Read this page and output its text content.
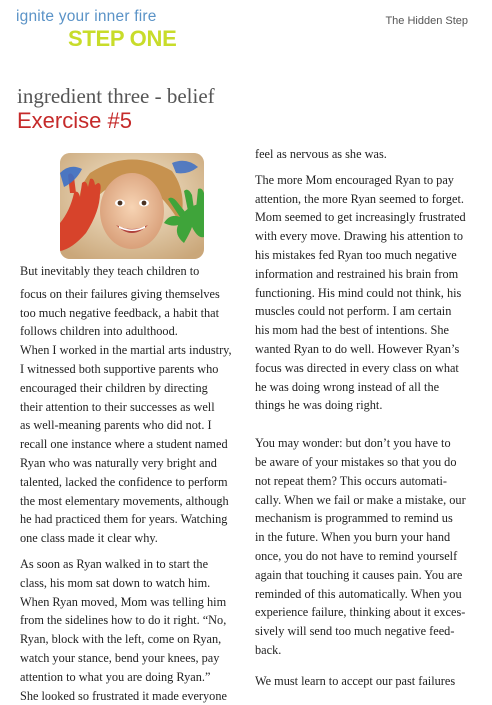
ignite your inner fire
STEP ONE
The Hidden Step
ingredient three - belief
Exercise #5

But inevitably they teach children to

focus on their failures giving themselves

too much negative feedback, a habit that

follows children into adulthood.

When I worked in the martial arts industry,

I witnessed both supportive parents who

encouraged their children by directing

their attention to their successes as well

as well-meaning parents who did not. I

recall one instance where a student named

Ryan who was naturally very bright and

talented, lacked the confidence to perform

the most elementary movements, although

he had practiced them for years. Watching

one class made it clear why.

As soon as Ryan walked in to start the

class, his mom sat down to watch him.

When Ryan moved, Mom was telling him

from the sidelines how to do it right. “No,

Ryan, block with the left, come on Ryan,

watch your stance, bend your knees, pay

attention to what you are doing Ryan.”

She looked so frustrated it made everyone

feel as nervous as she was.

The more Mom encouraged Ryan to pay

attention, the more Ryan seemed to forget.

Mom seemed to get increasingly frustrated

with every move. Drawing his attention to

his mistakes fed Ryan too much negative

information and restrained his brain from

functioning. His mind could not think, his

muscles could not perform. I am certain

his mom had the best of intentions. She

wanted Ryan to do well. However Ryan’s

focus was directed in every class on what

he was doing wrong instead of all the

things he was doing right.

You may wonder: but don’t you have to

be aware of your mistakes so that you do

not repeat them? This occurs automati-

cally. When we fail or make a mistake, our

mechanism is programmed to remind us

in the future. When you burn your hand

once, you do not have to remind yourself

again that touching it causes pain. You are

reminded of this automatically. When you

experience failure, thinking about it exces-

sively will send too much negative feed-

back.

We must learn to accept our past failures
